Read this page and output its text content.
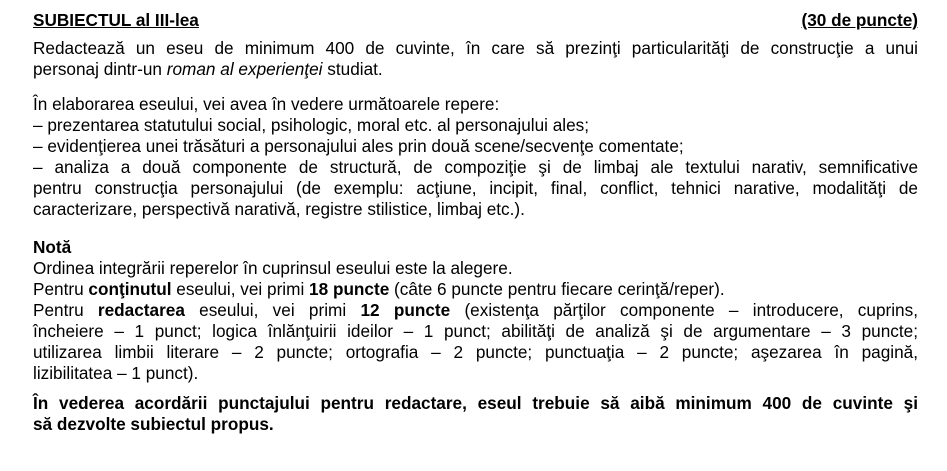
SUBIECTUL al III-lea	(30 de puncte)
Redactează un eseu de minimum 400 de cuvinte, în care să prezinţi particularităţi de construcţie a unui
personaj dintr-un roman al experienţei studiat.
În elaborarea eseului, vei avea în vedere următoarele repere:
– prezentarea statutului social, psihologic, moral etc. al personajului ales;
– evidenţierea unei trăsături a personajului ales prin două scene/secvenţe comentate;
– analiza a două componente de structură, de compoziţie şi de limbaj ale textului narativ, semnificative
pentru construcţia personajului (de exemplu: acţiune, incipit, final, conflict, tehnici narative, modalităţi de
caracterizare, perspectivă narativă, registre stilistice, limbaj etc.).
Notă
Ordinea integrării reperelor în cuprinsul eseului este la alegere.
Pentru conţinutul eseului, vei primi 18 puncte (câte 6 puncte pentru fiecare cerinţă/reper).
Pentru redactarea eseului, vei primi 12 puncte (existenţa părţilor componente – introducere, cuprins,
încheiere – 1 punct; logica înlănţuirii ideilor – 1 punct; abilităţi de analiză şi de argumentare – 3 puncte;
utilizarea limbii literare – 2 puncte; ortografia – 2 puncte; punctuaţia – 2 puncte; aşezarea în pagină,
lizibilitatea – 1 punct).
În vederea acordării punctajului pentru redactare, eseul trebuie să aibă minimum 400 de cuvinte şi
să dezvolte subiectul propus.
